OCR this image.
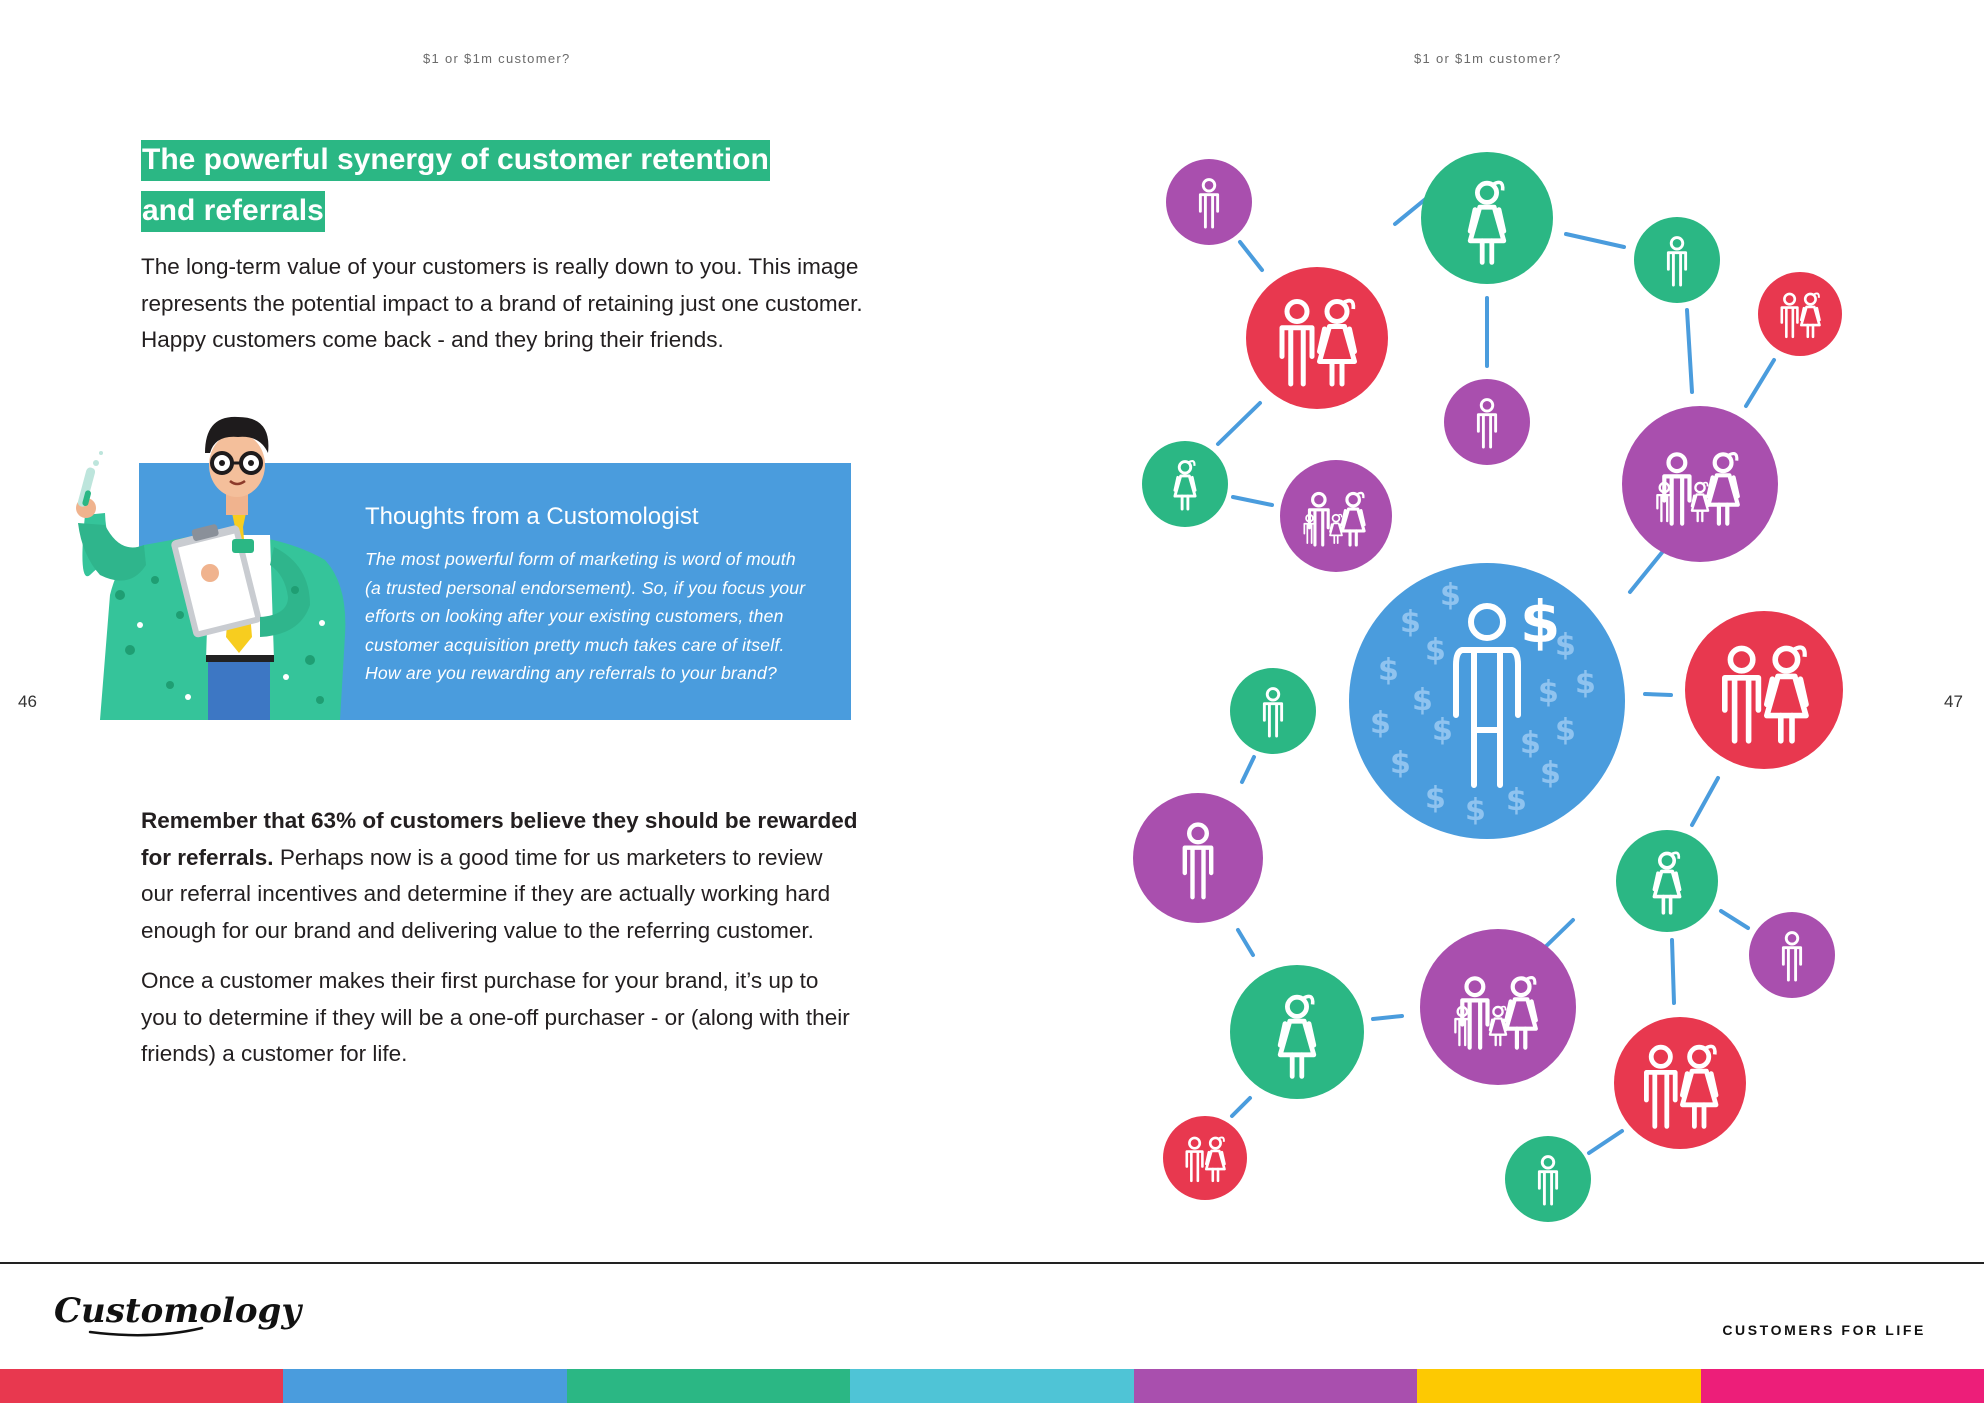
$1 or $1m customer?	$1 or $1m customer?
46	47
The powerful synergy of customer retention
and referrals

The long-term value of your customers is really down to you. This image
represents the potential impact to a brand of retaining just one customer.
Happy customers come back - and they bring their friends.

Thoughts from a Customologist
The most powerful form of marketing is word of mouth
(a trusted personal endorsement). So, if you focus your
efforts on looking after your existing customers, then
customer acquisition pretty much takes care of itself.
How are you rewarding any referrals to your brand?

Remember that 63% of customers believe they should be rewarded
for referrals. Perhaps now is a good time for us marketers to review
our referral incentives and determine if they are actually working hard
enough for our brand and delivering value to the referring customer.

Once a customer makes their first purchase for your brand, it’s up to
you to determine if they will be a one-off purchaser - or (along with their
friends) a customer for life.

$
$
$
$
$
$ $
$
$ $ $
$
$ $
$
$
$
$
Customology	CUSTOMERS FOR LIFE
